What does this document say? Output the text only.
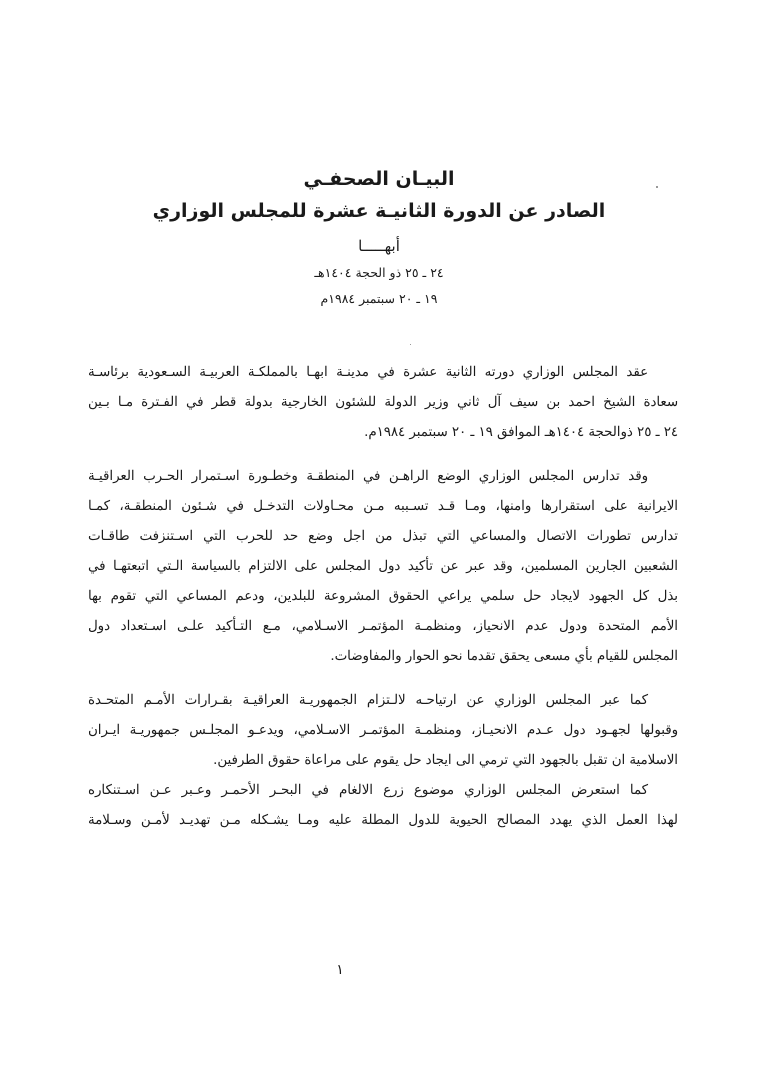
البيـان الصحفـي
الصادر عن الدورة الثانيـة عشرة للمجلس الوزاري
أبهـــــا
٢٤ ـ ٢٥ ذو الحجة ١٤٠٤هـ
١٩ ـ ٢٠ سبتمبر ١٩٨٤م
عقد المجلس الوزاري دورته الثانية عشرة في مدينـة ابهـا بالمملكـة العربيـة السـعودية برئاسـة
سعادة الشيخ احمد بن سيف آل ثاني وزير الدولة للشئون الخارجية بدولة قطر في الفـترة مـا بـين
٢٤ ـ ٢٥ ذوالحجة ١٤٠٤هـ الموافق ١٩ ـ ٢٠ سبتمبر ١٩٨٤م.
وقد تدارس المجلس الوزاري الوضع الراهـن في المنطقـة وخطـورة اسـتمرار الحـرب العراقيـة
الايرانية على استقرارها وامنها، ومـا قـد تسـببه مـن محـاولات التدخـل في شـئون المنطقـة، كمـا
تدارس تطورات الاتصال والمساعي التي تبذل من اجل وضع حد للحرب التي اسـتنزفت طاقـات
الشعبين الجارين المسلمين، وقد عبر عن تأكيد دول المجلس على الالتزام بالسياسة الـتي اتبعتهـا في
بذل كل الجهود لايجاد حل سلمي يراعي الحقوق المشروعة للبلدين، ودعم المساعي التي تقوم بها
الأمم المتحدة ودول عدم الانحياز، ومنظمـة المؤتمـر الاسـلامي، مـع التـأكيد علـى اسـتعداد دول
المجلس للقيام بأي مسعى يحقق تقدما نحو الحوار والمفاوضات.
كما عبر المجلس الوزاري عن ارتياحـه لالـتزام الجمهوريـة العراقيـة بقـرارات الأمـم المتحـدة
وقبولها لجهـود دول عـدم الانحيـاز، ومنظمـة المؤتمـر الاسـلامي، ويدعـو المجلـس جمهوريـة ايـران
الاسلامية ان تقبل بالجهود التي ترمي الى ايجاد حل يقوم على مراعاة حقوق الطرفين.
كما استعرض المجلس الوزاري موضوع زرع الالغام في البحـر الأحمـر وعـبر عـن اسـتنكاره
لهذا العمل الذي يهدد المصالح الحيوية للدول المطلة عليه ومـا يشـكله مـن تهديـد لأمـن وسـلامة
١
